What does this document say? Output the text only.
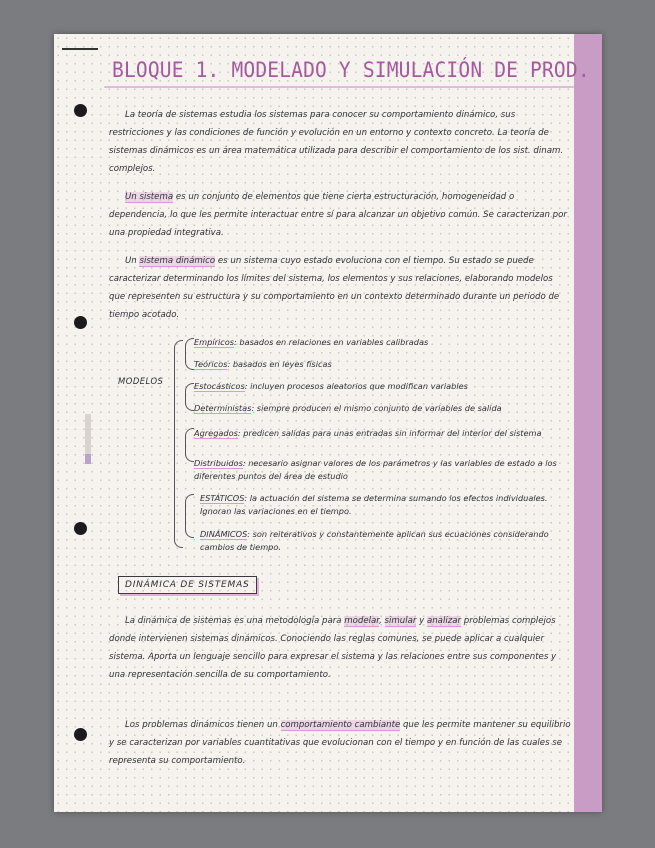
BLOQUE 1. MODELADO Y SIMULACIÓN DE PROD.

La teoría de sistemas estudia los sistemas para conocer su comportamiento dinámico, sus restricciones y las condiciones de función y evolución en un entorno y contexto concreto. La teoría de sistemas dinámicos es un área matemática utilizada para describir el comportamiento de los sist. dinam. complejos.

Un sistema es un conjunto de elementos que tiene cierta estructuración, homogeneidad o dependencia, lo que les permite interactuar entre sí para alcanzar un objetivo común. Se caracterizan por una propiedad integrativa.

Un sistema dinámico es un sistema cuyo estado evoluciona con el tiempo. Su estado se puede caracterizar determinando los límites del sistema, los elementos y sus relaciones, elaborando modelos que representen su estructura y su comportamiento en un contexto determinado durante un periodo de tiempo acotado.

MODELOS
Empíricos: basados en relaciones en variables calibradas
Teóricos: basados en leyes físicas
Estocásticos: incluyen procesos aleatorios que modifican variables
Deterministas: siempre producen el mismo conjunto de variables de salida
Agregados: predicen salidas para unas entradas sin informar del interior del sistema
Distribuidos: necesario asignar valores de los parámetros y las variables de estado a los diferentes puntos del área de estudio
ESTÁTICOS: la actuación del sistema se determina sumando los efectos individuales. Ignoran las variaciones en el tiempo.
DINÁMICOS: son reiterativos y constantemente aplican sus ecuaciones considerando cambios de tiempo.
DINÁMICA DE SISTEMAS

La dinámica de sistemas es una metodología para modelar, simular y analizar problemas complejos donde intervienen sistemas dinámicos. Conociendo las reglas comunes, se puede aplicar a cualquier sistema. Aporta un lenguaje sencillo para expresar el sistema y las relaciones entre sus componentes y una representación sencilla de su comportamiento.

Los problemas dinámicos tienen un comportamiento cambiante que les permite mantener su equilibrio y se caracterizan por variables cuantitativas que evolucionan con el tiempo y en función de las cuales se representa su comportamiento.
